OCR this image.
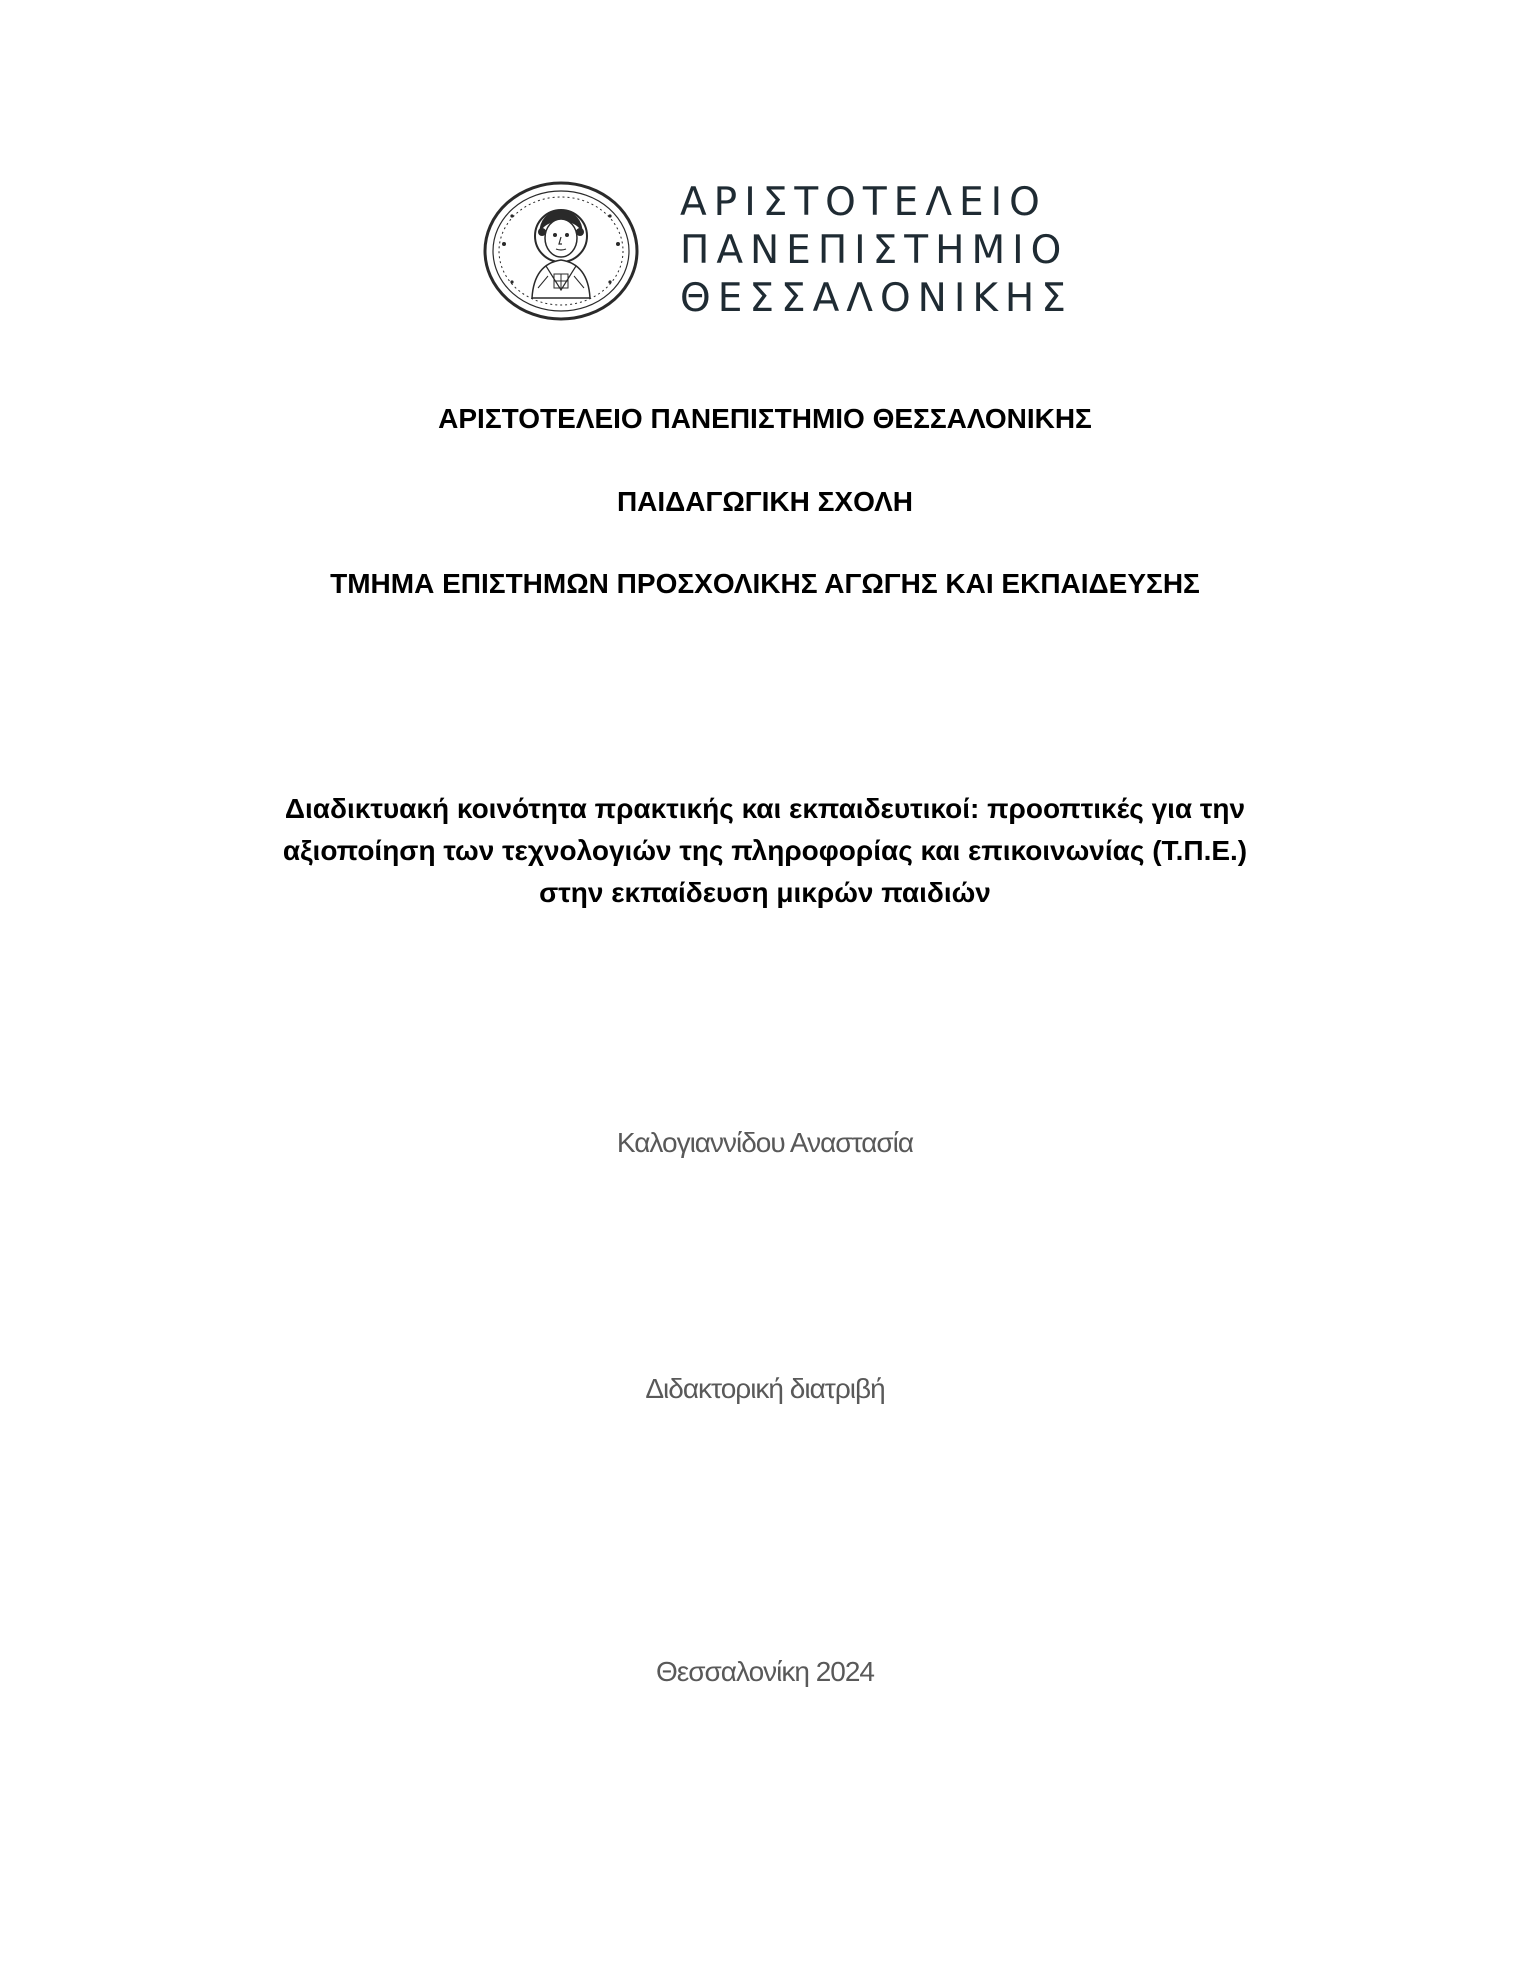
ΑΡΙΣΤΟΤΕΛΕΙΟ
ΠΑΝΕΠΙΣΤΗΜΙΟ
ΘΕΣΣΑΛΟΝΙΚΗΣ
ΑΡΙΣΤΟΤΕΛΕΙΟ ΠΑΝΕΠΙΣΤΗΜΙΟ ΘΕΣΣΑΛΟΝΙΚΗΣ
ΠΑΙΔΑΓΩΓΙΚΗ ΣΧΟΛΗ
ΤΜΗΜΑ ΕΠΙΣΤΗΜΩΝ ΠΡΟΣΧΟΛΙΚΗΣ ΑΓΩΓΗΣ ΚΑΙ ΕΚΠΑΙΔΕΥΣΗΣ
Διαδικτυακή κοινότητα πρακτικής και εκπαιδευτικοί: προοπτικές για την
αξιοποίηση των τεχνολογιών της πληροφορίας και επικοινωνίας (Τ.Π.Ε.)
στην εκπαίδευση μικρών παιδιών
Καλογιαννίδου Αναστασία
Διδακτορική διατριβή
Θεσσαλονίκη 2024
